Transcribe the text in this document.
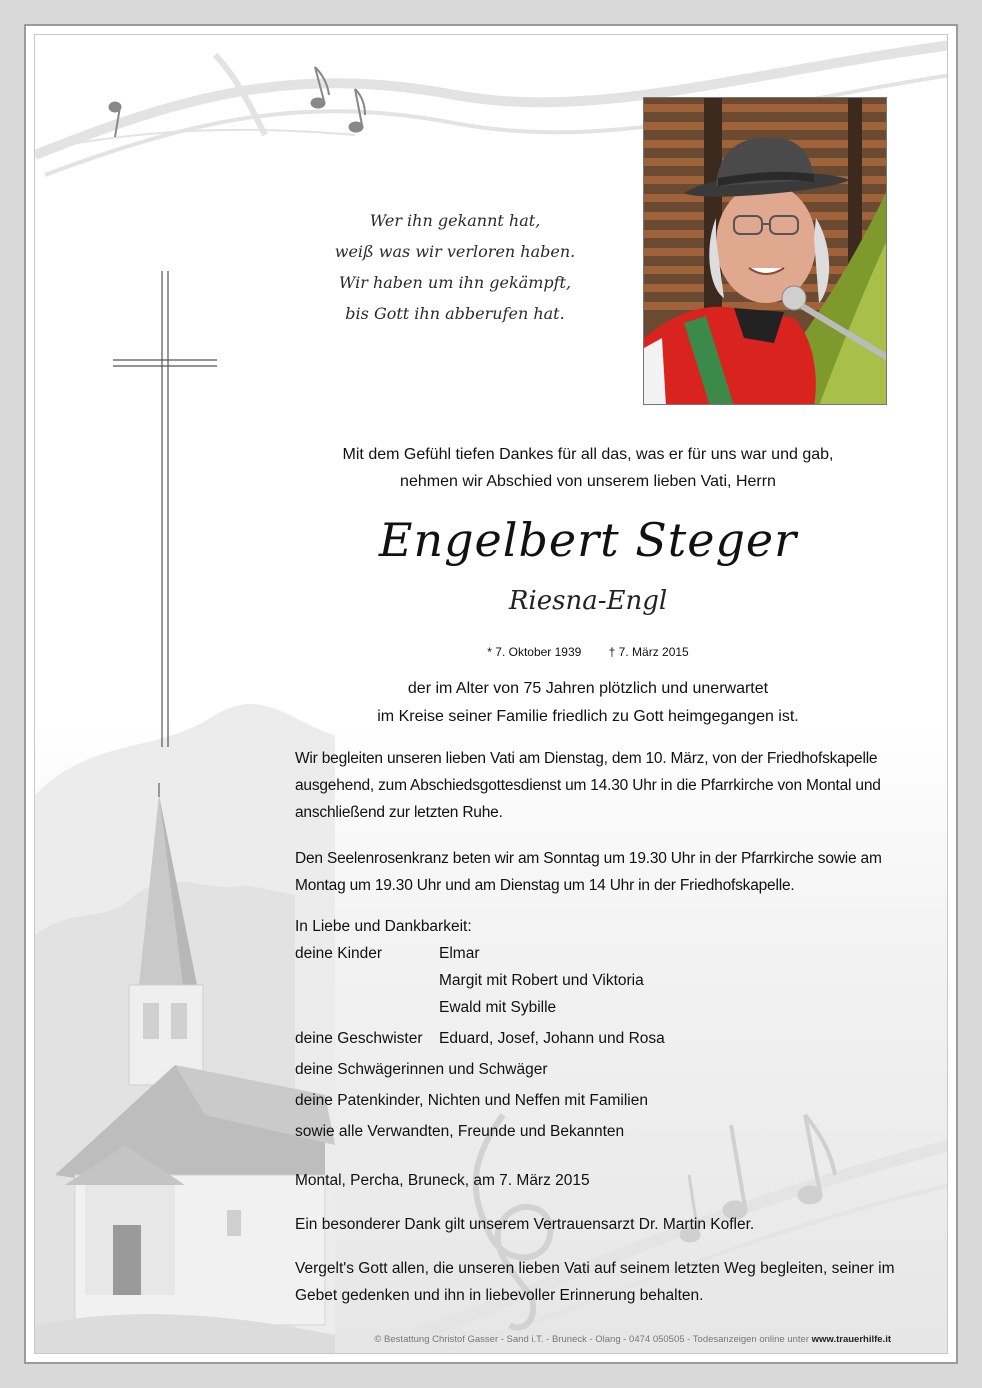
Wer ihn gekannt hat,
weiß was wir verloren haben.
Wir haben um ihn gekämpft,
bis Gott ihn abberufen hat.
Mit dem Gefühl tiefen Dankes für all das, was er für uns war und gab,
nehmen wir Abschied von unserem lieben Vati, Herrn
Engelbert Steger
Riesna-Engl
* 7. Oktober 1939 † 7. März 2015
der im Alter von 75 Jahren plötzlich und unerwartet
im Kreise seiner Familie friedlich zu Gott heimgegangen ist.
Wir begleiten unseren lieben Vati am Dienstag, dem 10. März, von der Friedhofskapelle ausgehend, zum Abschiedsgottesdienst um 14.30 Uhr in die Pfarrkirche von Montal und anschließend zur letzten Ruhe.
Den Seelenrosenkranz beten wir am Sonntag um 19.30 Uhr in der Pfarrkirche sowie am Montag um 19.30 Uhr und am Dienstag um 14 Uhr in der Friedhofskapelle.
In Liebe und Dankbarkeit:
deine Kinder	Elmar
Margit mit Robert und Viktoria
Ewald mit Sybille
deine Geschwister Eduard, Josef, Johann und Rosa
deine Schwägerinnen und Schwäger
deine Patenkinder, Nichten und Neffen mit Familien
sowie alle Verwandten, Freunde und Bekannten
Montal, Percha, Bruneck, am 7. März 2015
Ein besonderer Dank gilt unserem Vertrauensarzt Dr. Martin Kofler.
Vergelt's Gott allen, die unseren lieben Vati auf seinem letzten Weg begleiten, seiner im Gebet gedenken und ihn in liebevoller Erinnerung behalten.
© Bestattung Christof Gasser - Sand i.T. - Bruneck - Olang - 0474 050505 - Todesanzeigen online unter www.trauerhilfe.it
